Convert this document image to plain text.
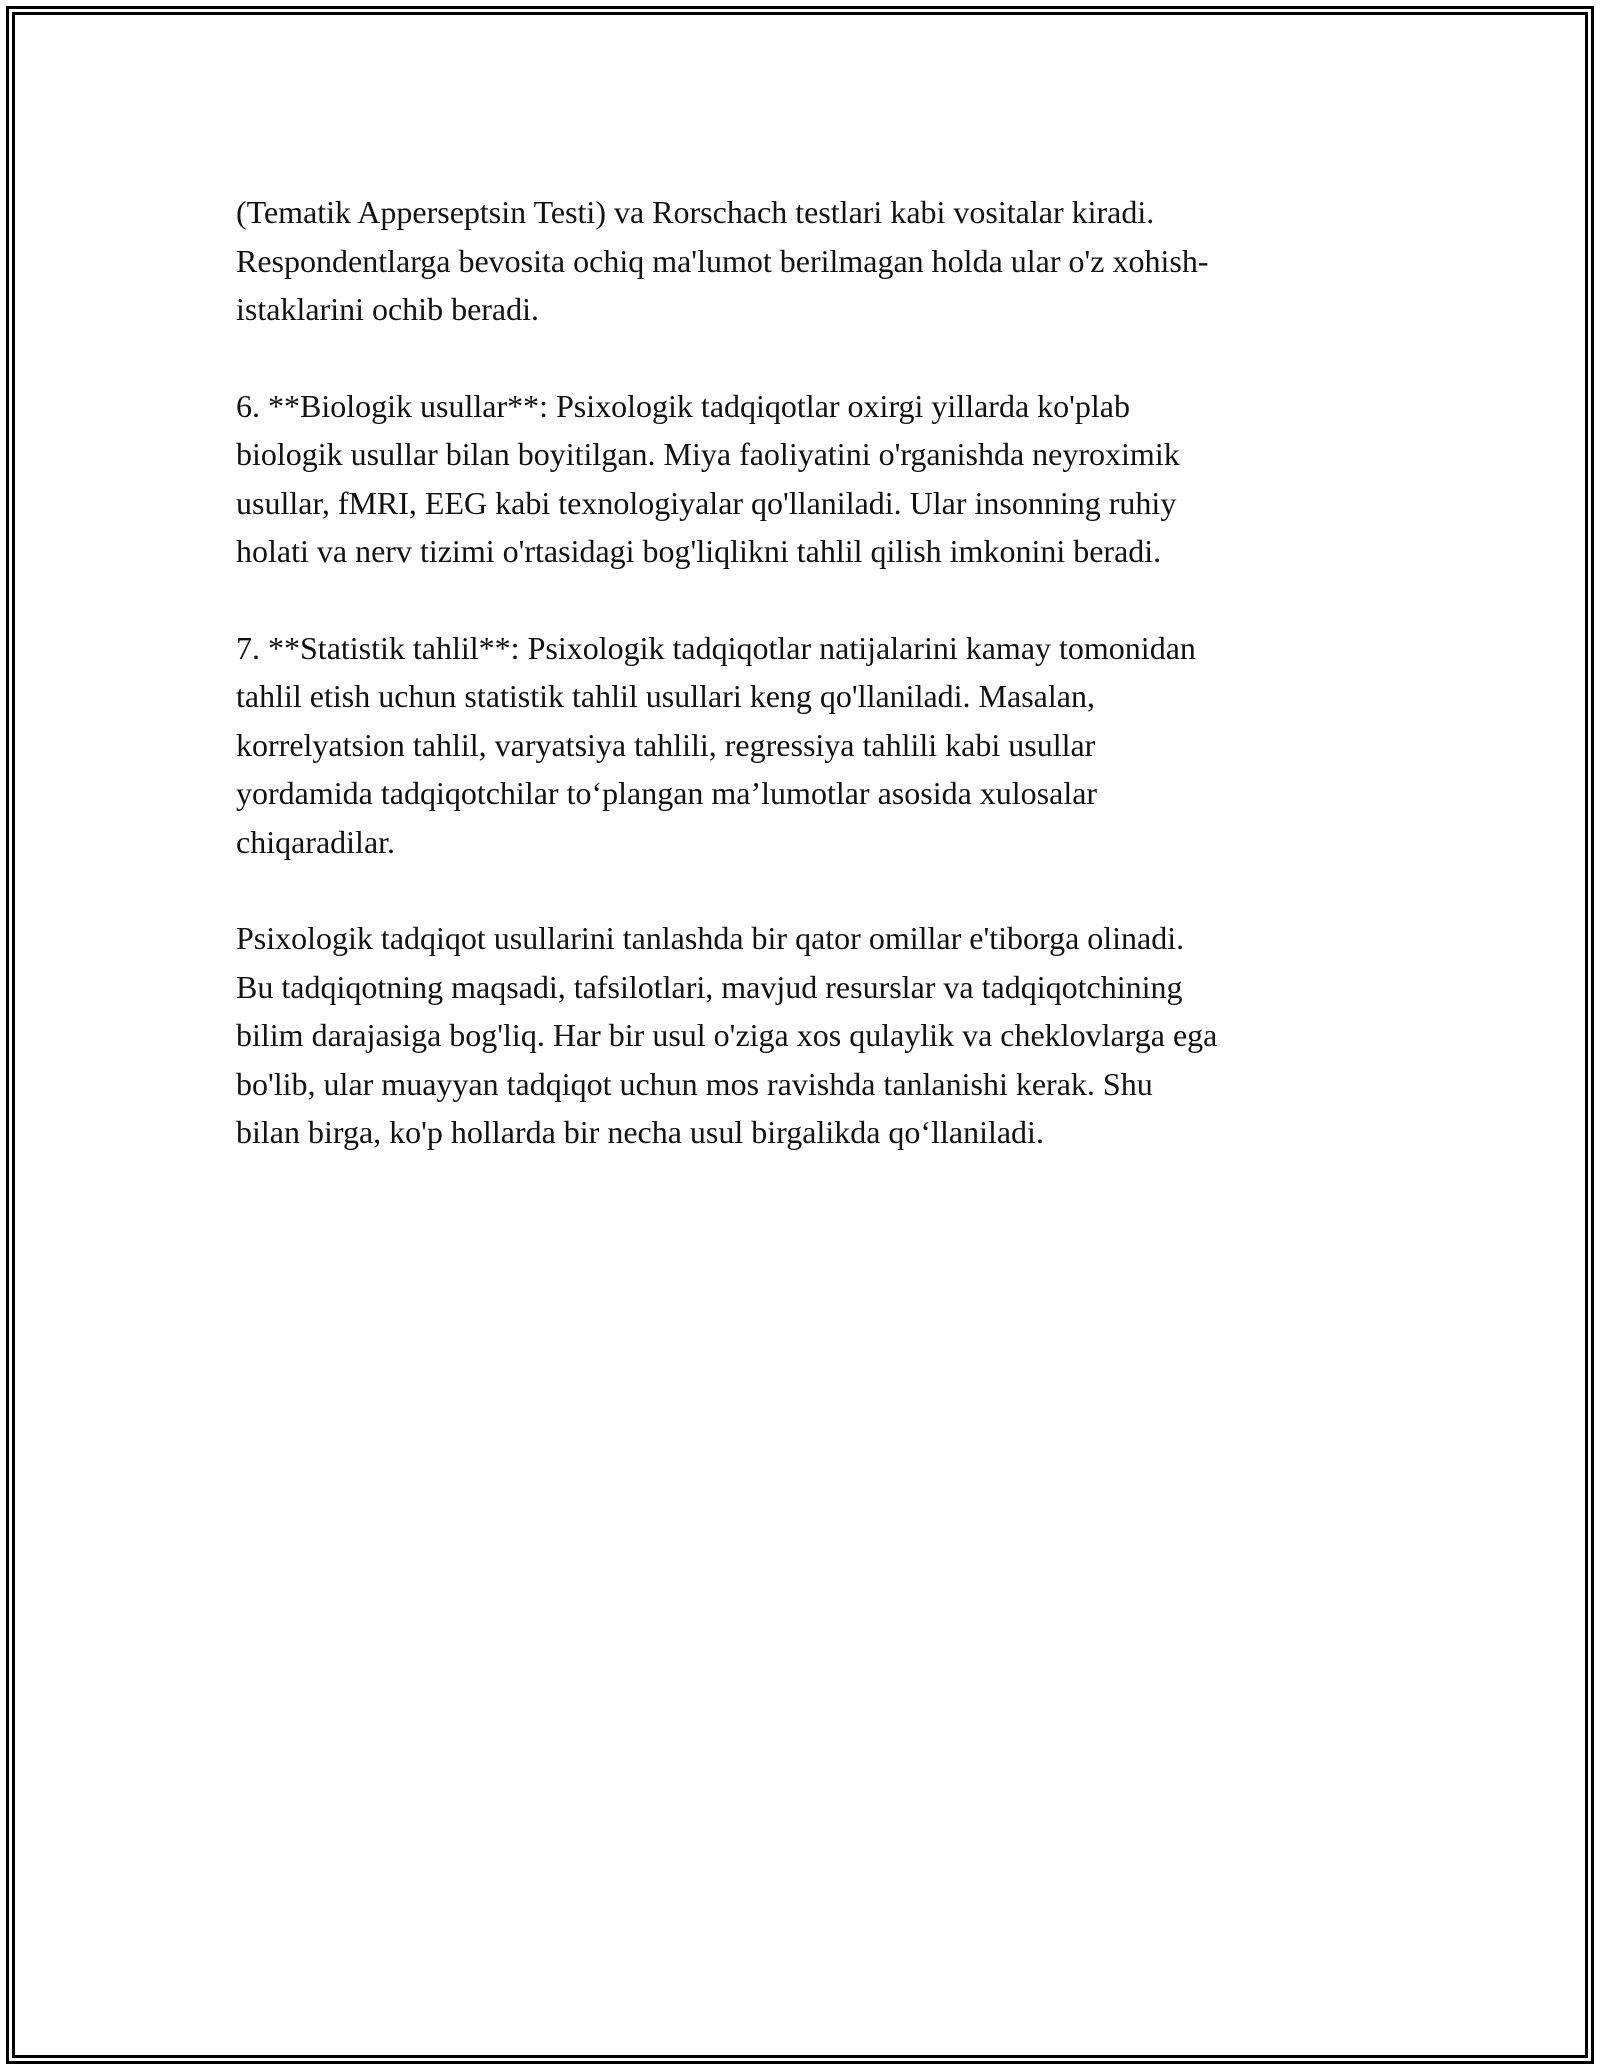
(Tematik Apperseptsin Testi) va Rorschach testlari kabi vositalar kiradi.
Respondentlarga bevosita ochiq ma'lumot berilmagan holda ular o'z xohish-
istaklarini ochib beradi.

6. **Biologik usullar**: Psixologik tadqiqotlar oxirgi yillarda ko'plab
biologik usullar bilan boyitilgan. Miya faoliyatini o'rganishda neyroximik
usullar, fMRI, EEG kabi texnologiyalar qo'llaniladi. Ular insonning ruhiy
holati va nerv tizimi o'rtasidagi bog'liqlikni tahlil qilish imkonini beradi.

7. **Statistik tahlil**: Psixologik tadqiqotlar natijalarini kamay tomonidan
tahlil etish uchun statistik tahlil usullari keng qo'llaniladi. Masalan,
korrelyatsion tahlil, varyatsiya tahlili, regressiya tahlili kabi usullar
yordamida tadqiqotchilar to‘plangan ma’lumotlar asosida xulosalar
chiqaradilar.

Psixologik tadqiqot usullarini tanlashda bir qator omillar e'tiborga olinadi.
Bu tadqiqotning maqsadi, tafsilotlari, mavjud resurslar va tadqiqotchining
bilim darajasiga bog'liq. Har bir usul o'ziga xos qulaylik va cheklovlarga ega
bo'lib, ular muayyan tadqiqot uchun mos ravishda tanlanishi kerak. Shu
bilan birga, ko'p hollarda bir necha usul birgalikda qo‘llaniladi.
